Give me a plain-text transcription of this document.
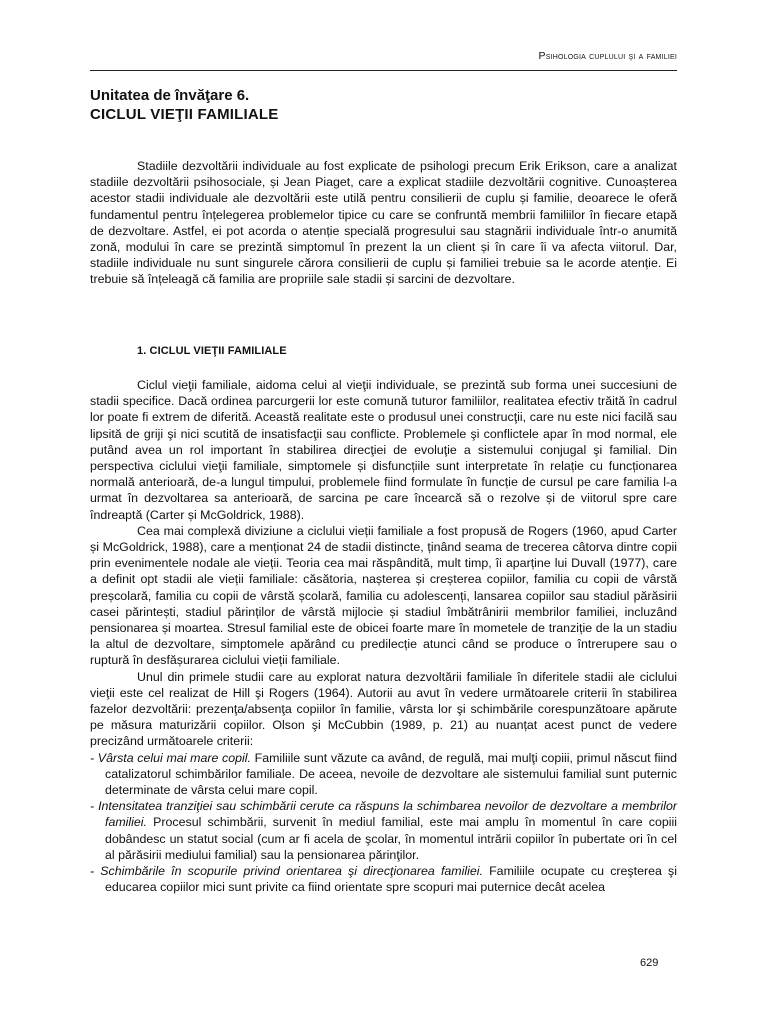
Psihologia cuplului şi a familiei
Unitatea de învăţare 6.
CICLUL VIEŢII FAMILIALE

Stadiile dezvoltării individuale au fost explicate de psihologi precum Erik Erikson, care a analizat stadiile dezvoltării psihosociale, și Jean Piaget, care a explicat stadiile dezvoltării cognitive. Cunoașterea acestor stadii individuale ale dezvoltării este utilă pentru consilierii de cuplu și familie, deoarece le oferă fundamentul pentru înțelegerea problemelor tipice cu care se confruntă membrii familiilor în fiecare etapă de dezvoltare. Astfel, ei pot acorda o atenție specială progresului sau stagnării individuale într-o anumită zonă, modului în care se prezintă simptomul în prezent la un client și în care îi va afecta viitorul. Dar, stadiile individuale nu sunt singurele cărora consilierii de cuplu și familiei trebuie sa le acorde atenție. Ei trebuie să înțeleagă că familia are propriile sale stadii și sarcini de dezvoltare.

1. CICLUL VIEŢII FAMILIALE

Ciclul vieţii familiale, aidoma celui al vieţii individuale, se prezintă sub forma unei succesiuni de stadii specifice. Dacă ordinea parcurgerii lor este comună tuturor familiilor, realitatea efectiv trăită în cadrul lor poate fi extrem de diferită. Această realitate este o produsul unei construcţii, care nu este nici facilă sau lipsită de griji şi nici scutită de insatisfacţii sau conflicte. Problemele şi conflictele apar în mod normal, ele putând avea un rol important în stabilirea direcţiei de evoluţie a sistemului conjugal şi familial. Din perspectiva ciclului vieţii familiale, simptomele și disfuncțiile sunt interpretate în relație cu funcționarea normală anterioară, de-a lungul timpului, problemele fiind formulate în funcție de cursul pe care familia l-a urmat în dezvoltarea sa anterioară, de sarcina pe care încearcă să o rezolve și de viitorul spre care îndreaptă (Carter și McGoldrick, 1988).

Cea mai complexă diviziune a ciclului vieții familiale a fost propusă de Rogers (1960, apud Carter și McGoldrick, 1988), care a menționat 24 de stadii distincte, ținând seama de trecerea câtorva dintre copii prin evenimentele nodale ale vieții. Teoria cea mai răspândită, mult timp, îi aparține lui Duvall (1977), care a definit opt stadii ale vieții familiale: căsătoria, nașterea și creșterea copiilor, familia cu copii de vârstă preșcolară, familia cu copii de vârstă școlară, familia cu adolescenți, lansarea copiilor sau stadiul părăsirii casei părintești, stadiul părinților de vârstă mijlocie și stadiul îmbătrânirii membrilor familiei, incluzând pensionarea și moartea. Stresul familial este de obicei foarte mare în mometele de tranziție de la un stadiu la altul de dezvoltare, simptomele apărând cu predilecție atunci când se produce o întrerupere sau o ruptură în desfășurarea ciclului vieții familiale.

Unul din primele studii care au explorat natura dezvoltării familiale în diferitele stadii ale ciclului vieţii este cel realizat de Hill şi Rogers (1964). Autorii au avut în vedere următoarele criterii în stabilirea fazelor dezvoltării: prezenţa/absenţa copiilor în familie, vârsta lor şi schimbările corespunzătoare apărute pe măsura maturizării copiilor. Olson şi McCubbin (1989, p. 21) au nuanțat acest punct de vedere precizând următoarele criterii:

- Vârsta celui mai mare copil. Familiile sunt văzute ca având, de regulă, mai mulţi copiii, primul născut fiind catalizatorul schimbărilor familiale. De aceea, nevoile de dezvoltare ale sistemului familial sunt puternic determinate de vârsta celui mare copil.

- Intensitatea tranziţiei sau schimbării cerute ca răspuns la schimbarea nevoilor de dezvoltare a membrilor familiei. Procesul schimbării, survenit în mediul familial, este mai amplu în momentul în care copiii dobândesc un statut social (cum ar fi acela de şcolar, în momentul intrării copiilor în pubertate ori în cel al părăsirii mediului familial) sau la pensionarea părinţilor.

- Schimbările în scopurile privind orientarea şi direcţionarea familiei. Familiile ocupate cu creşterea şi educarea copiilor mici sunt privite ca fiind orientate spre scopuri mai puternice decât acelea

629
